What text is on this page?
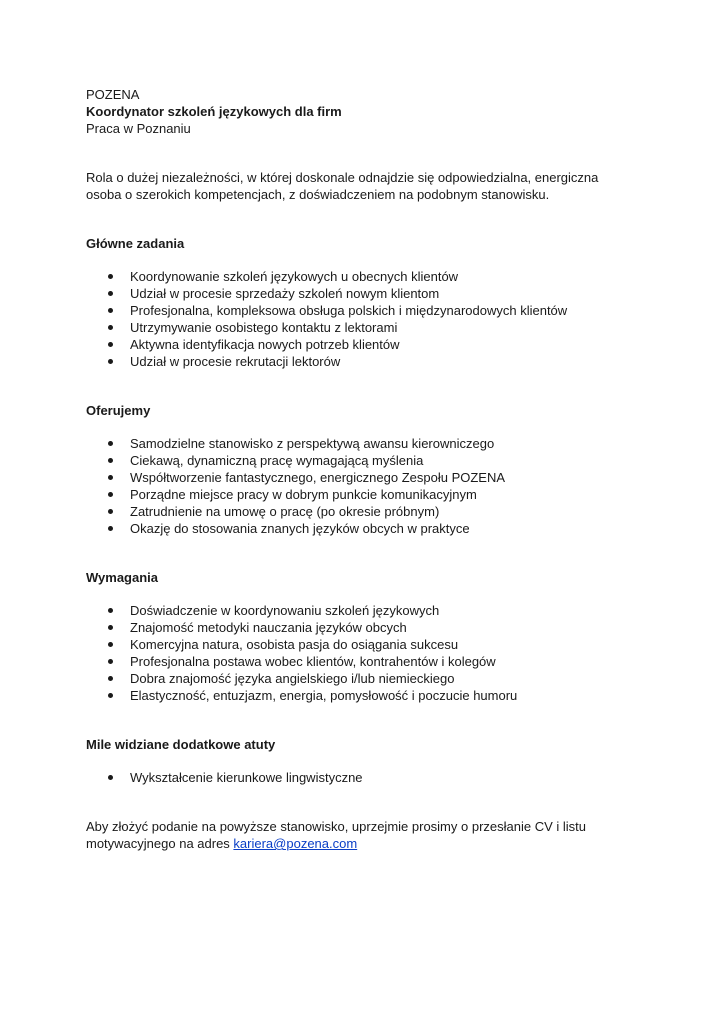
POZENA
Koordynator szkoleń językowych dla firm
Praca w Poznaniu
Rola o dużej niezależności, w której doskonale odnajdzie się odpowiedzialna, energiczna osoba o szerokich kompetencjach, z doświadczeniem na podobnym stanowisku.
Główne zadania
Koordynowanie szkoleń językowych u obecnych klientów
Udział w procesie sprzedaży szkoleń nowym klientom
Profesjonalna, kompleksowa obsługa polskich i międzynarodowych klientów
Utrzymywanie osobistego kontaktu z lektorami
Aktywna identyfikacja nowych potrzeb klientów
Udział w procesie rekrutacji lektorów
Oferujemy
Samodzielne stanowisko z perspektywą awansu kierowniczego
Ciekawą, dynamiczną pracę wymagającą myślenia
Współtworzenie fantastycznego, energicznego Zespołu POZENA
Porządne miejsce pracy w dobrym punkcie komunikacyjnym
Zatrudnienie na umowę o pracę (po okresie próbnym)
Okazję do stosowania znanych języków obcych w praktyce
Wymagania
Doświadczenie w koordynowaniu szkoleń językowych
Znajomość metodyki nauczania języków obcych
Komercyjna natura, osobista pasja do osiągania sukcesu
Profesjonalna postawa wobec klientów, kontrahentów i kolegów
Dobra znajomość języka angielskiego i/lub niemieckiego
Elastyczność, entuzjazm, energia, pomysłowość i poczucie humoru
Mile widziane dodatkowe atuty
Wykształcenie kierunkowe lingwistyczne
Aby złożyć podanie na powyższe stanowisko, uprzejmie prosimy o przesłanie CV i listu motywacyjnego na adres kariera@pozena.com
